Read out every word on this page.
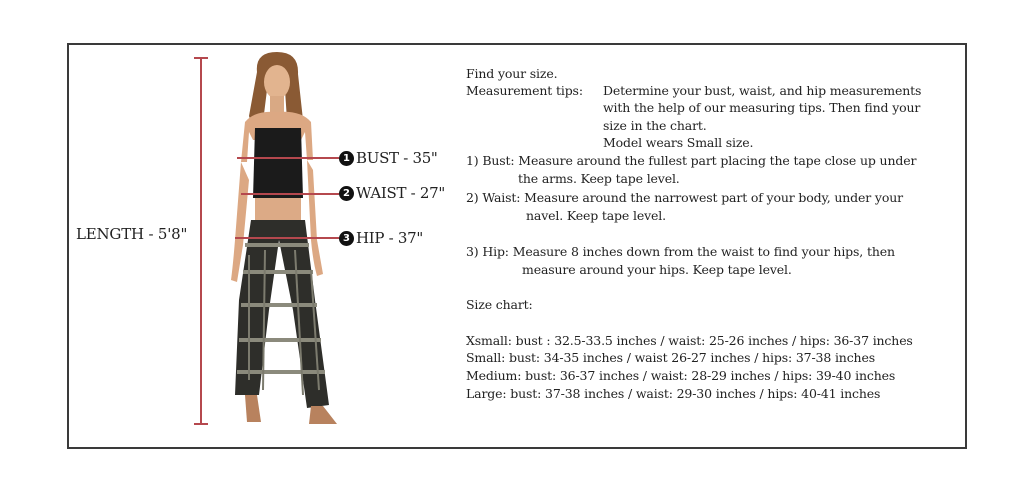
LENGTH - 5'8"
1 BUST - 35"
2 WAIST - 27"
3 HIP - 37"
Find your size.
Measurement tips: Determine your bust, waist, and hip measurements
with the help of our measuring tips. Then find your
size in the chart.
Model wears Small size.
1) Bust: Measure around the fullest part placing the tape close up under
the arms. Keep tape level.
2) Waist: Measure around the narrowest part of your body, under your
navel. Keep tape level.
3) Hip: Measure 8 inches down from the waist to find your hips, then
measure around your hips. Keep tape level.
Size chart:
Xsmall: bust : 32.5-33.5 inches / waist: 25-26 inches / hips: 36-37 inches
Small: bust: 34-35 inches / waist 26-27 inches / hips: 37-38 inches
Medium: bust: 36-37 inches / waist: 28-29 inches / hips: 39-40 inches
Large: bust: 37-38 inches / waist: 29-30 inches / hips: 40-41 inches
